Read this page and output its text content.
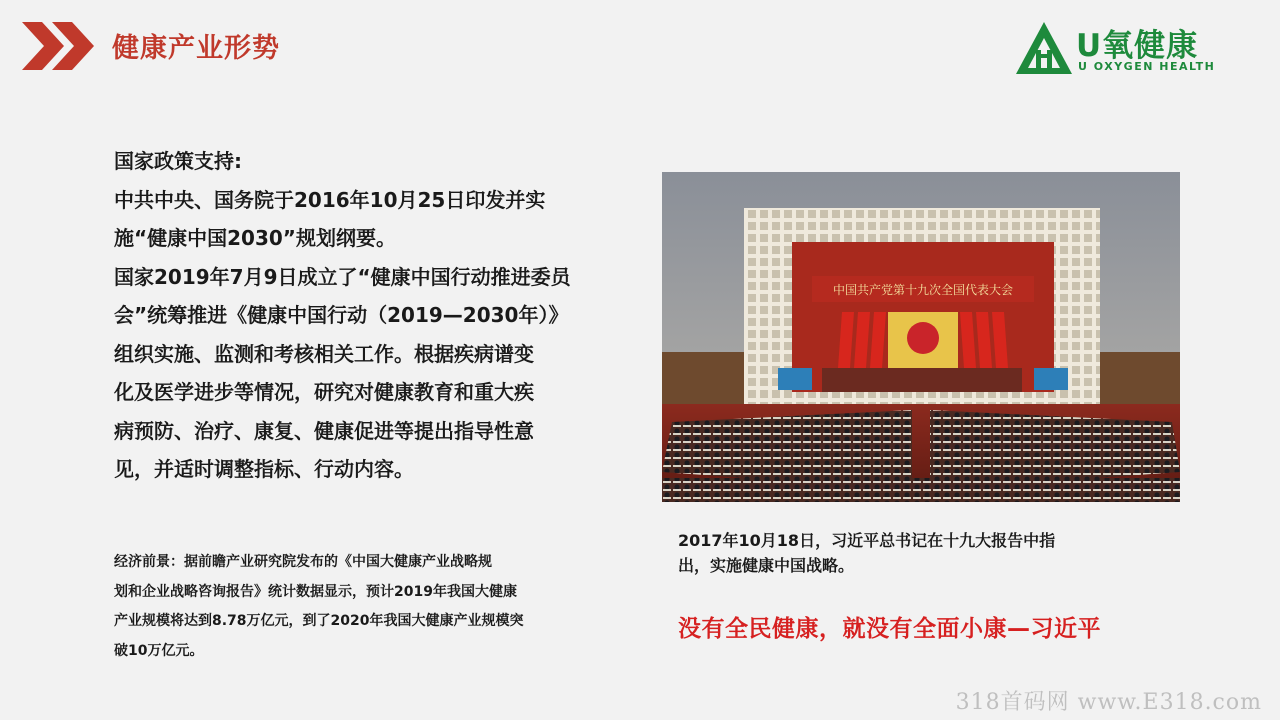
健康产业形势	U氧健康
U OXYGEN HEALTH

国家政策支持:

中共中央、国务院于2016年10月25日印发并实

施“健康中国2030”规划纲要。

国家2019年7月9日成立了“健康中国行动推进委员

会”统筹推进《健康中国行动（2019—2030年）》

组织实施、监测和考核相关工作。根据疾病谱变

化及医学进步等情况，研究对健康教育和重大疾

病预防、治疗、康复、健康促进等提出指导性意

见，并适时调整指标、行动内容。

经济前景：据前瞻产业研究院发布的《中国大健康产业战略规
划和企业战略咨询报告》统计数据显示，预计2019年我国大健康
产业规模将达到8.78万亿元，到了2020年我国大健康产业规模突
破10万亿元。
中国共产党第十九次全国代表大会
2017年10月18日，习近平总书记在十九大报告中指
出，实施健康中国战略。
没有全民健康，就没有全面小康—习近平
318首码网 www.E318.com
